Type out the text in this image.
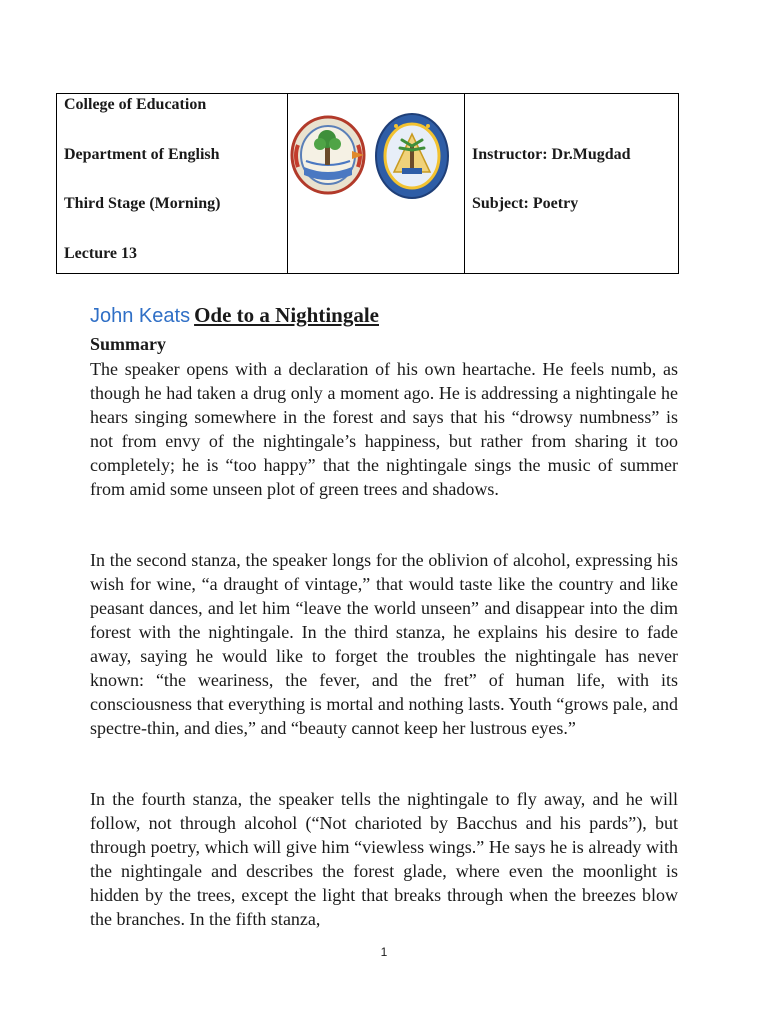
College of Education
Department of English
Third Stage (Morning)
Lecture 13

Instructor: Dr.Mugdad
Subject: Poetry
John Keats Ode to a Nightingale
Summary

The speaker opens with a declaration of his own heartache. He feels numb, as though he had taken a drug only a moment ago. He is addressing a nightingale he hears singing somewhere in the forest and says that his “drowsy numbness” is not from envy of the nightingale’s happiness, but rather from sharing it too completely; he is “too happy” that the nightingale sings the music of summer from amid some unseen plot of green trees and shadows.

In the second stanza, the speaker longs for the oblivion of alcohol, expressing his wish for wine, “a draught of vintage,” that would taste like the country and like peasant dances, and let him “leave the world unseen” and disappear into the dim forest with the nightingale. In the third stanza, he explains his desire to fade away, saying he would like to forget the troubles the nightingale has never known: “the weariness, the fever, and the fret” of human life, with its consciousness that everything is mortal and nothing lasts. Youth “grows pale, and spectre-thin, and dies,” and “beauty cannot keep her lustrous eyes.”

In the fourth stanza, the speaker tells the nightingale to fly away, and he will follow, not through alcohol (“Not charioted by Bacchus and his pards”), but through poetry, which will give him “viewless wings.” He says he is already with the nightingale and describes the forest glade, where even the moonlight is hidden by the trees, except the light that breaks through when the breezes blow the branches. In the fifth stanza,

1
